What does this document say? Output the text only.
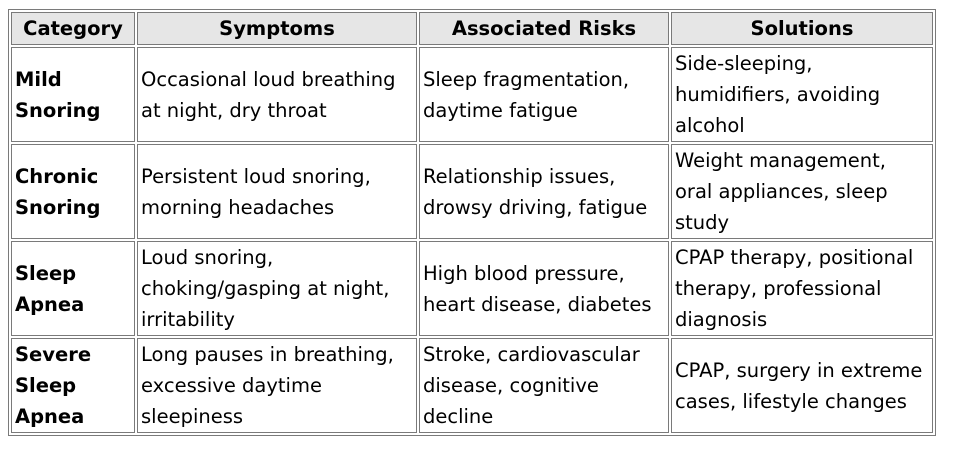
Category	Symptoms	Associated Risks	Solutions
Mild Snoring	Occasional loud breathing at night, dry throat	Sleep fragmentation, daytime fatigue	Side-sleeping, humidifiers, avoiding alcohol
Chronic Snoring	Persistent loud snoring, morning headaches	Relationship issues, drowsy driving, fatigue	Weight management, oral appliances, sleep study
Sleep Apnea	Loud snoring, choking/gasping at night, irritability	High blood pressure, heart disease, diabetes	CPAP therapy, positional therapy, professional diagnosis
Severe Sleep Apnea	Long pauses in breathing, excessive daytime sleepiness	Stroke, cardiovascular disease, cognitive decline	CPAP, surgery in extreme cases, lifestyle changes
